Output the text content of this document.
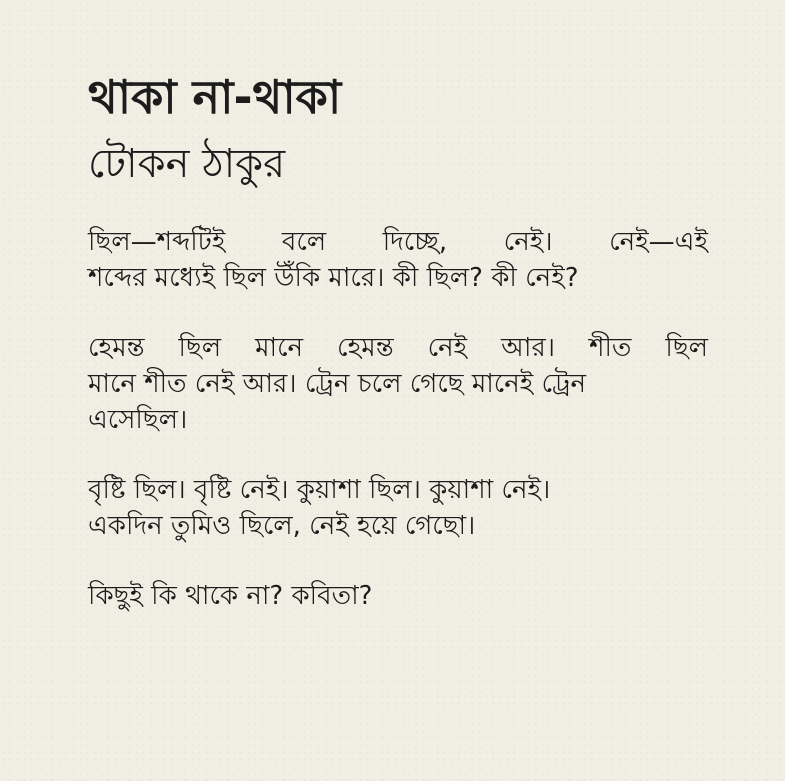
থাকা না-থাকা
টোকন ঠাকুর
ছিল—শব্দটিই বলে দিচ্ছে, নেই। নেই—এই
শব্দের মধ্যেই ছিল উঁকি মারে। কী ছিল? কী নেই?
হেমন্ত ছিল মানে হেমন্ত নেই আর। শীত ছিল
মানে শীত নেই আর। ট্রেন চলে গেছে মানেই ট্রেন
এসেছিল।
বৃষ্টি ছিল। বৃষ্টি নেই। কুয়াশা ছিল। কুয়াশা নেই।
একদিন তুমিও ছিলে, নেই হয়ে গেছো।
কিছুই কি থাকে না? কবিতা?
